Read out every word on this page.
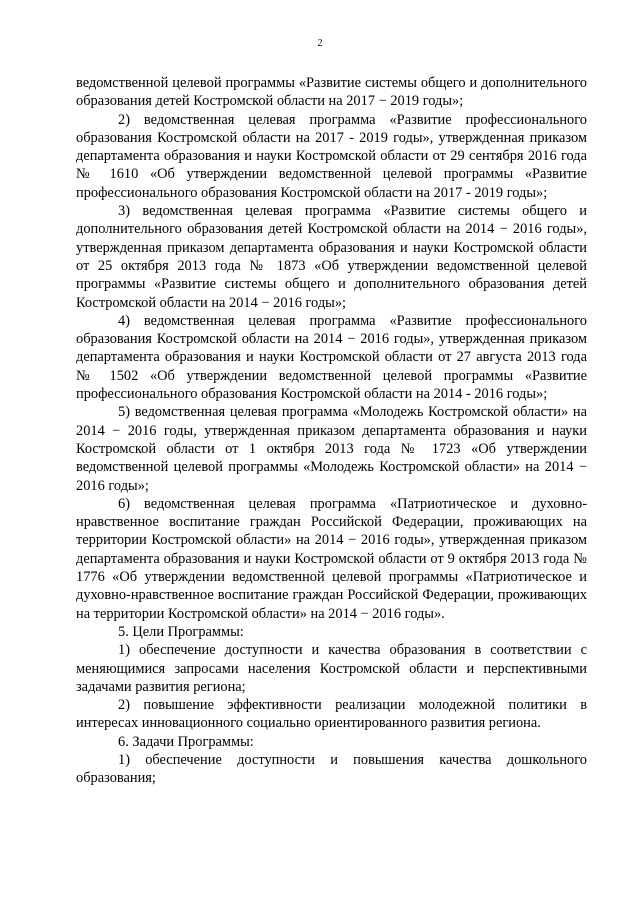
2

ведомственной целевой программы «Развитие системы общего и дополнительного образования детей Костромской области на 2017 − 2019 годы»;

2) ведомственная целевая программа «Развитие профессионального образования Костромской области на 2017 - 2019 годы», утвержденная приказом департамента образования и науки Костромской области от 29 сентября 2016 года № 1610 «Об утверждении ведомственной целевой программы «Развитие профессионального образования Костромской области на 2017 - 2019 годы»;

3) ведомственная целевая программа «Развитие системы общего и дополнительного образования детей Костромской области на 2014 − 2016 годы», утвержденная приказом департамента образования и науки Костромской области от 25 октября 2013 года № 1873 «Об утверждении ведомственной целевой программы «Развитие системы общего и дополнительного образования детей Костромской области на 2014 − 2016 годы»;

4) ведомственная целевая программа «Развитие профессионального образования Костромской области на 2014 − 2016 годы», утвержденная приказом департамента образования и науки Костромской области от 27 августа 2013 года № 1502 «Об утверждении ведомственной целевой программы «Развитие профессионального образования Костромской области на 2014 - 2016 годы»;

5) ведомственная целевая программа «Молодежь Костромской области» на 2014 − 2016 годы, утвержденная приказом департамента образования и науки Костромской области от 1 октября 2013 года № 1723 «Об утверждении ведомственной целевой программы «Молодежь Костромской области» на 2014 − 2016 годы»;

6) ведомственная целевая программа «Патриотическое и духовно-нравственное воспитание граждан Российской Федерации, проживающих на территории Костромской области» на 2014 − 2016 годы», утвержденная приказом департамента образования и науки Костромской области от 9 октября 2013 года № 1776 «Об утверждении ведомственной целевой программы «Патриотическое и духовно-нравственное воспитание граждан Российской Федерации, проживающих на территории Костромской области» на 2014 − 2016 годы».

5. Цели Программы:

1) обеспечение доступности и качества образования в соответствии с меняющимися запросами населения Костромской области и перспективными задачами развития региона;

2) повышение эффективности реализации молодежной политики в интересах инновационного социально ориентированного развития региона.

6. Задачи Программы:

1) обеспечение доступности и повышения качества дошкольного образования;
